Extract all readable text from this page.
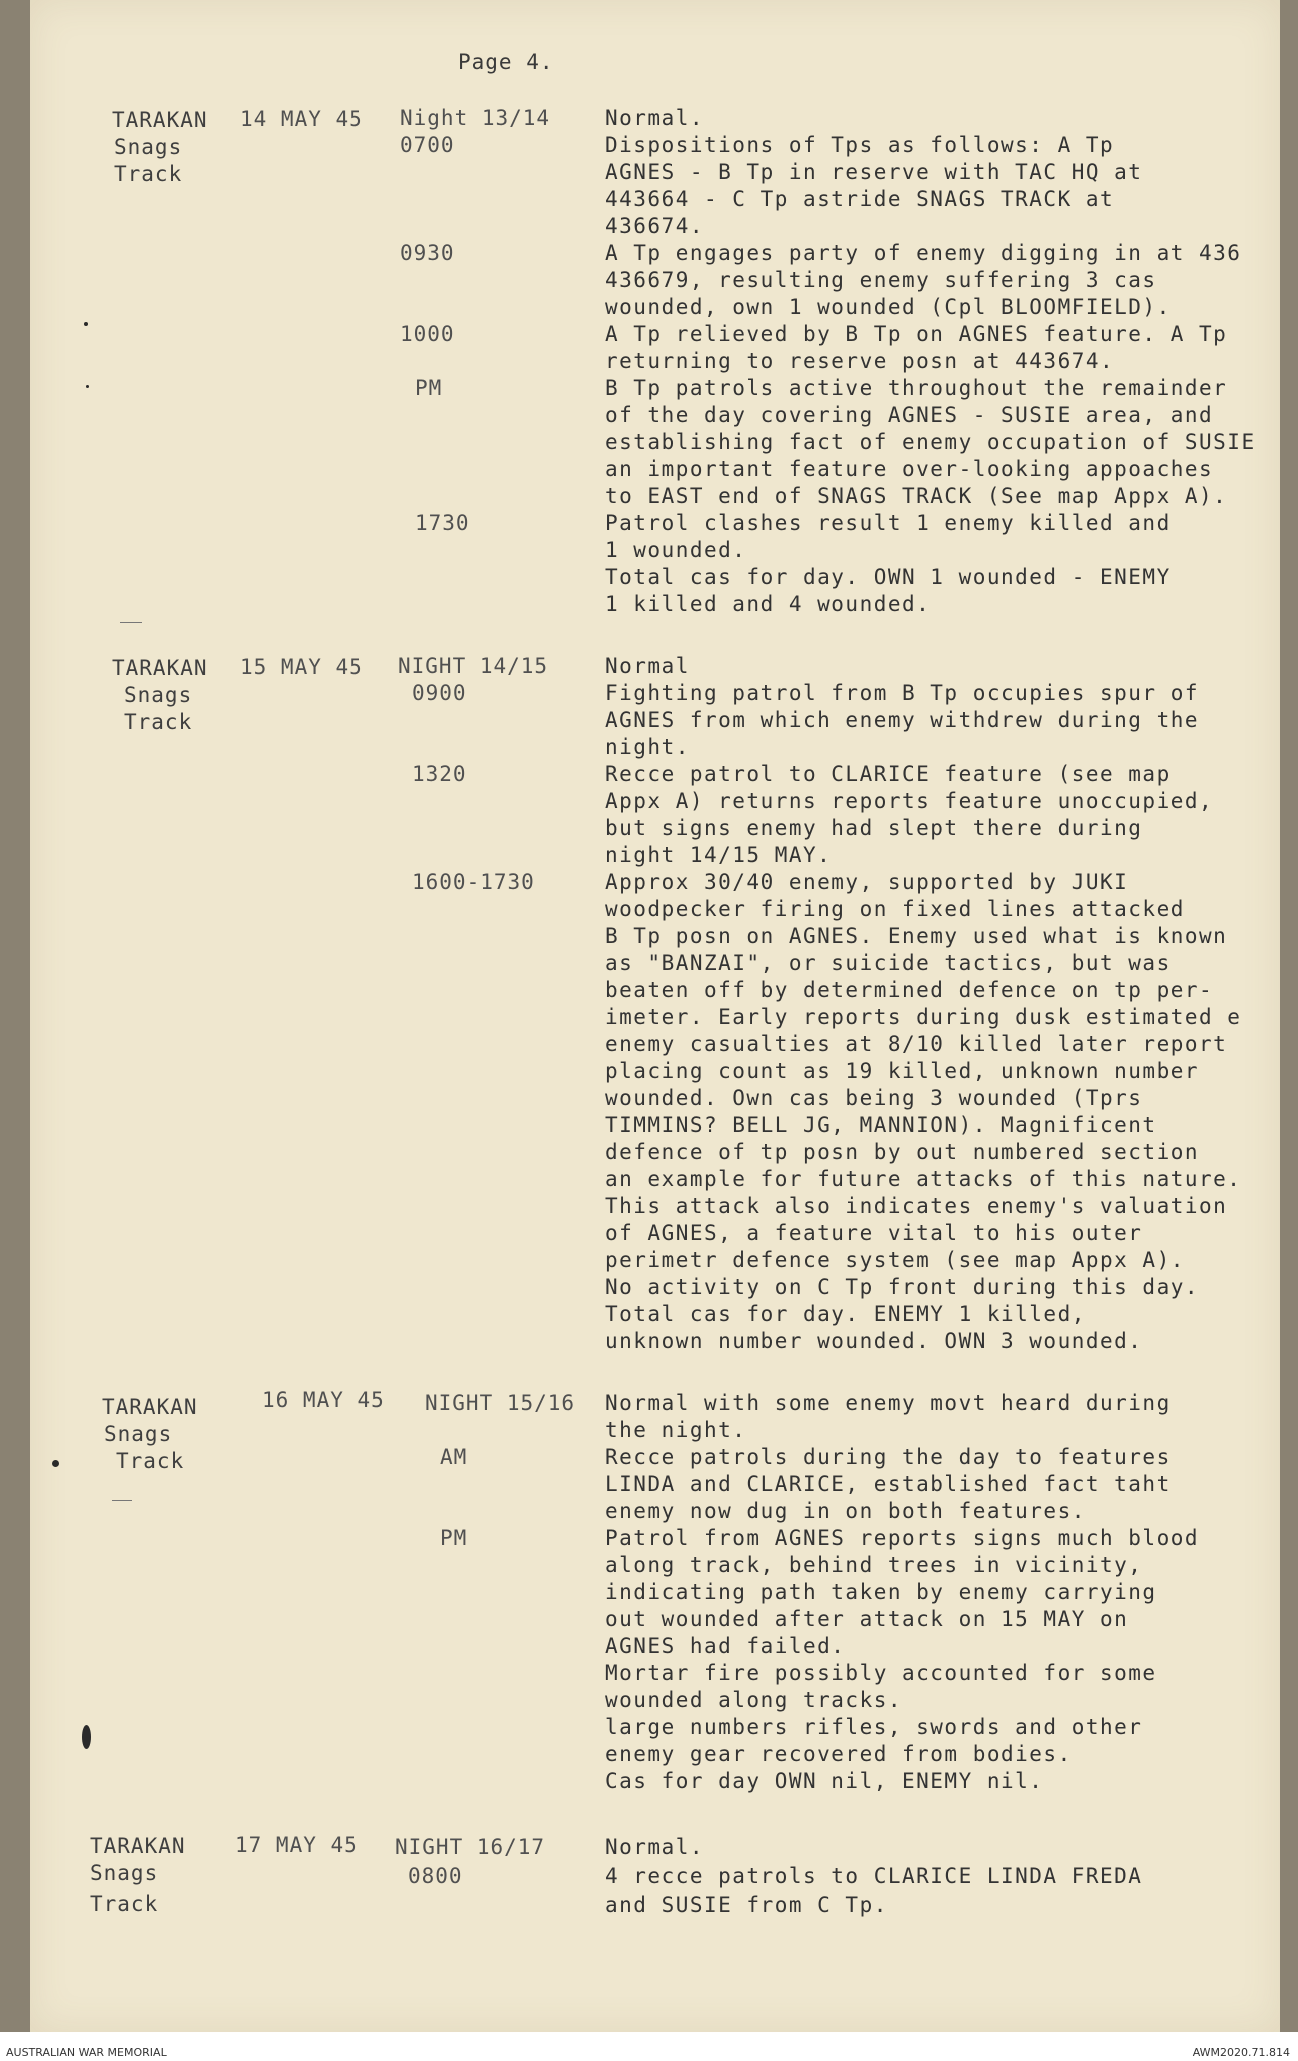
Page 4.
TARAKAN
Snags
Track
14 MAY 45 Night 13/14
0700
0930
1000
PM
1730
Normal.
Dispositions of Tps as follows: A Tp
AGNES - B Tp in reserve with TAC HQ at
443664 - C Tp astride SNAGS TRACK at
436674.
A Tp engages party of enemy digging in at 436
436679, resulting enemy suffering 3 cas
wounded, own 1 wounded (Cpl BLOOMFIELD).
A Tp relieved by B Tp on AGNES feature. A Tp
returning to reserve posn at 443674.
B Tp patrols active throughout the remainder
of the day covering AGNES - SUSIE area, and
establishing fact of enemy occupation of SUSIE
an important feature over-looking appoaches
to EAST end of SNAGS TRACK (See map Appx A).
Patrol clashes result 1 enemy killed and
1 wounded.
Total cas for day. OWN 1 wounded - ENEMY
1 killed and 4 wounded.
TARAKAN
Snags
Track
15 MAY 45 NIGHT 14/15
0900
1320
1600-1730
Normal
Fighting patrol from B Tp occupies spur of
AGNES from which enemy withdrew during the
night.
Recce patrol to CLARICE feature (see map
Appx A) returns reports feature unoccupied,
but signs enemy had slept there during
night 14/15 MAY.
Approx 30/40 enemy, supported by JUKI
woodpecker firing on fixed lines attacked
B Tp posn on AGNES. Enemy used what is known
as "BANZAI", or suicide tactics, but was
beaten off by determined defence on tp per-
imeter. Early reports during dusk estimated e
enemy casualties at 8/10 killed later report
placing count as 19 killed, unknown number
wounded. Own cas being 3 wounded (Tprs
TIMMINS? BELL JG, MANNION). Magnificent
defence of tp posn by out numbered section
an example for future attacks of this nature.
This attack also indicates enemy's valuation
of AGNES, a feature vital to his outer
perimetr defence system (see map Appx A).
No activity on C Tp front during this day.
Total cas for day. ENEMY 1 killed,
unknown number wounded. OWN 3 wounded.
TARAKAN
Snags
Track
16 MAY 45 NIGHT 15/16
AM
PM
Normal with some enemy movt heard during
the night.
Recce patrols during the day to features
LINDA and CLARICE, established fact taht
enemy now dug in on both features.
Patrol from AGNES reports signs much blood
along track, behind trees in vicinity,
indicating path taken by enemy carrying
out wounded after attack on 15 MAY on
AGNES had failed.
Mortar fire possibly accounted for some
wounded along tracks.
large numbers rifles, swords and other
enemy gear recovered from bodies.
Cas for day OWN nil, ENEMY nil.
TARAKAN
Snags
Track
17 MAY 45 NIGHT 16/17
0800
Normal.
4 recce patrols to CLARICE LINDA FREDA
and SUSIE from C Tp.
AUSTRALIAN WAR MEMORIAL	AWM2020.71.814
